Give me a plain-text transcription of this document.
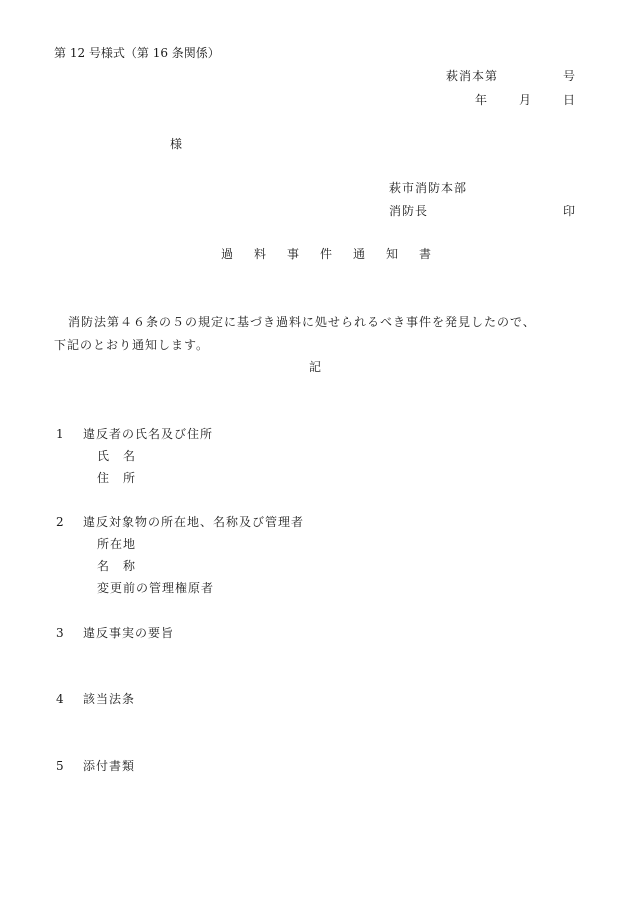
第 12 号様式（第 16 条関係）
萩消本第	号
年	月	日
様
萩市消防本部
消防長	印
過料事件通知書
消防法第４６条の５の規定に基づき過料に処せられるべき事件を発見したので、
下記のとおり通知します。
記
1 違反者の氏名及び住所
氏　名
住　所
2 違反対象物の所在地、名称及び管理者
所在地
名　称
変更前の管理権原者
3 違反事実の要旨
4 該当法条
5 添付書類
